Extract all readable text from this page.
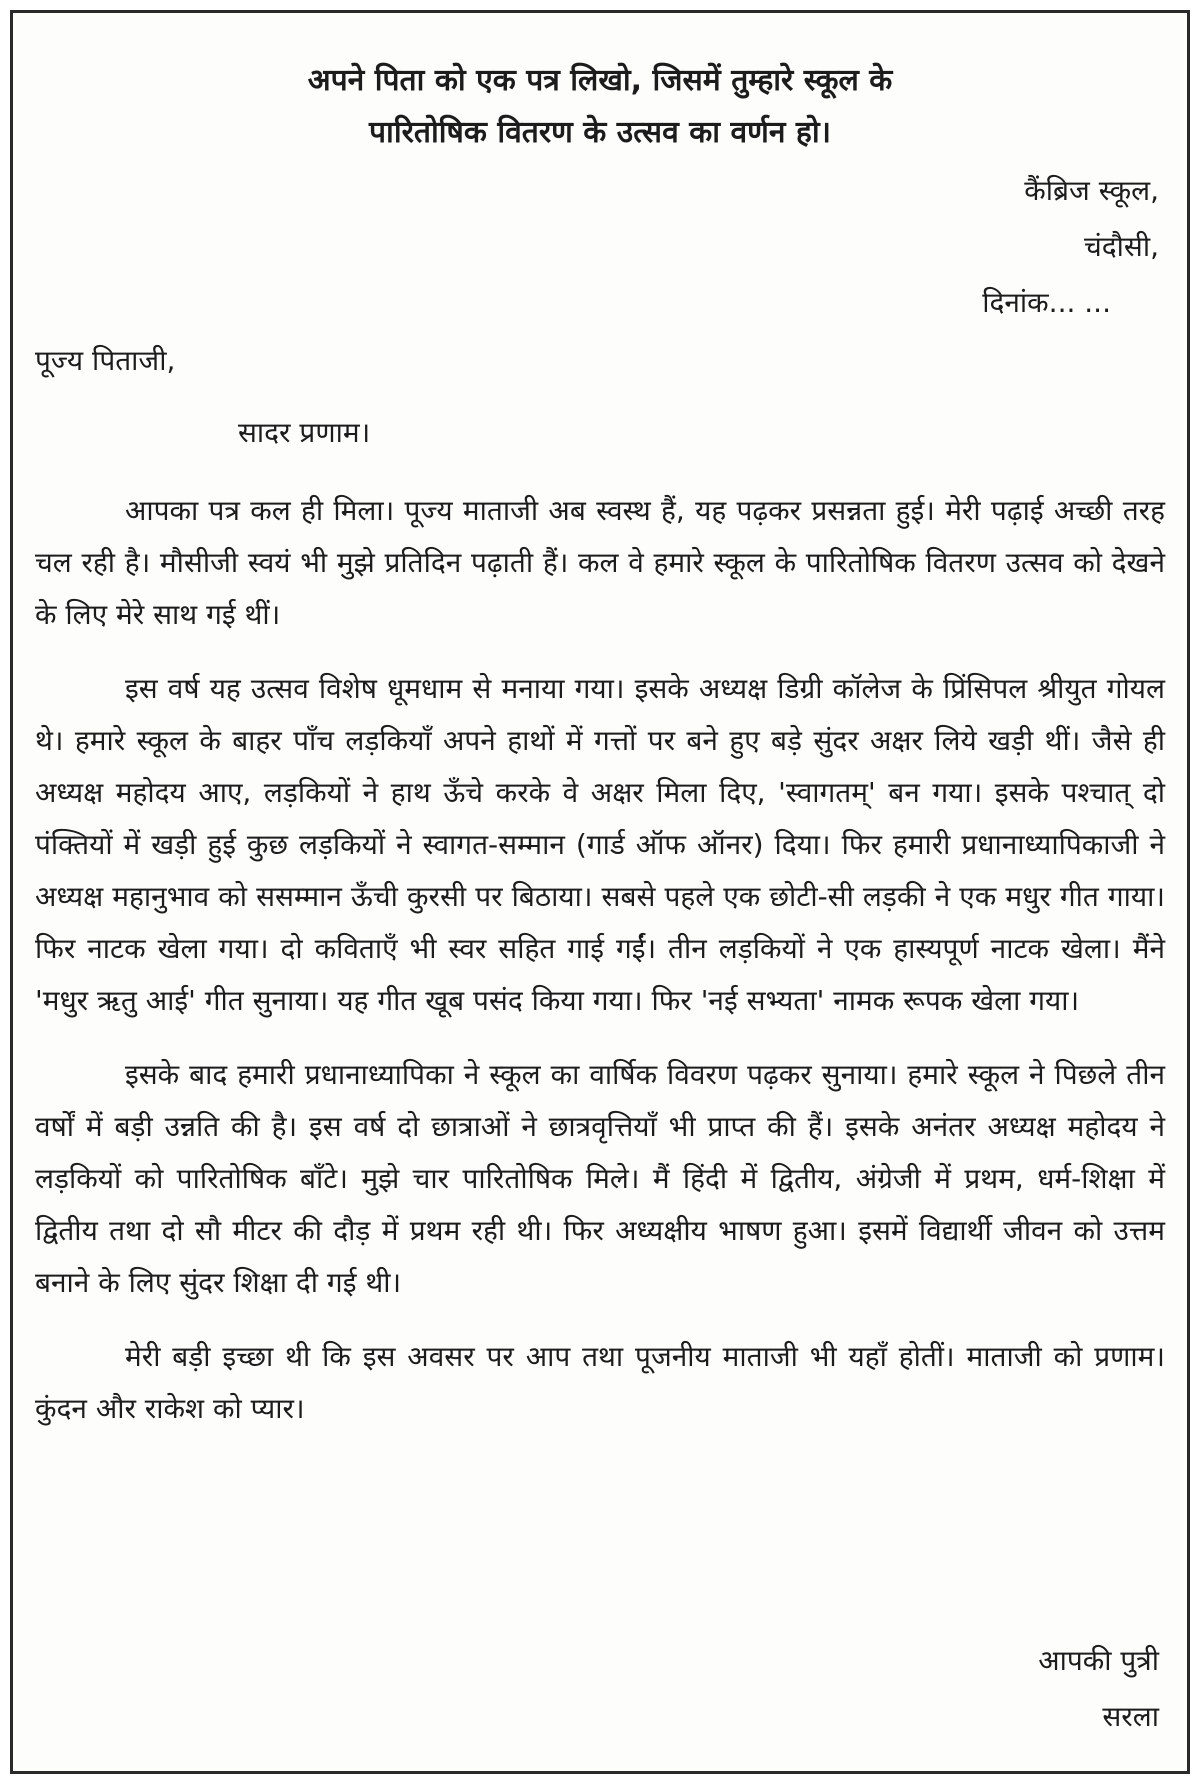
अपने पिता को एक पत्र लिखो, जिसमें तुम्हारे स्कूल के
पारितोषिक वितरण के उत्सव का वर्णन हो।
कैंब्रिज स्कूल,
चंदौसी,
दिनांक... ...
पूज्य पिताजी,
सादर प्रणाम।

आपका पत्र कल ही मिला। पूज्य माताजी अब स्वस्थ हैं, यह पढ़कर प्रसन्नता हुई। मेरी पढ़ाई अच्छी तरह चल रही है। मौसीजी स्वयं भी मुझे प्रतिदिन पढ़ाती हैं। कल वे हमारे स्कूल के पारितोषिक वितरण उत्सव को देखने के लिए मेरे साथ गई थीं।

इस वर्ष यह उत्सव विशेष धूमधाम से मनाया गया। इसके अध्यक्ष डिग्री कॉलेज के प्रिंसिपल श्रीयुत गोयल थे। हमारे स्कूल के बाहर पाँच लड़कियाँ अपने हाथों में गत्तों पर बने हुए बड़े सुंदर अक्षर लिये खड़ी थीं। जैसे ही अध्यक्ष महोदय आए, लड़कियों ने हाथ ऊँचे करके वे अक्षर मिला दिए, 'स्वागतम्' बन गया। इसके पश्चात् दो पंक्तियों में खड़ी हुई कुछ लड़कियों ने स्वागत-सम्मान (गार्ड ऑफ ऑनर) दिया। फिर हमारी प्रधानाध्यापिकाजी ने अध्यक्ष महानुभाव को ससम्मान ऊँची कुरसी पर बिठाया। सबसे पहले एक छोटी-सी लड़की ने एक मधुर गीत गाया। फिर नाटक खेला गया। दो कविताएँ भी स्वर सहित गाई गईं। तीन लड़कियों ने एक हास्यपूर्ण नाटक खेला। मैंने 'मधुर ऋतु आई' गीत सुनाया। यह गीत खूब पसंद किया गया। फिर 'नई सभ्यता' नामक रूपक खेला गया।

इसके बाद हमारी प्रधानाध्यापिका ने स्कूल का वार्षिक विवरण पढ़कर सुनाया। हमारे स्कूल ने पिछले तीन वर्षों में बड़ी उन्नति की है। इस वर्ष दो छात्राओं ने छात्रवृत्तियाँ भी प्राप्त की हैं। इसके अनंतर अध्यक्ष महोदय ने लड़कियों को पारितोषिक बाँटे। मुझे चार पारितोषिक मिले। मैं हिंदी में द्वितीय, अंग्रेजी में प्रथम, धर्म-शिक्षा में द्वितीय तथा दो सौ मीटर की दौड़ में प्रथम रही थी। फिर अध्यक्षीय भाषण हुआ। इसमें विद्यार्थी जीवन को उत्तम बनाने के लिए सुंदर शिक्षा दी गई थी।

मेरी बड़ी इच्छा थी कि इस अवसर पर आप तथा पूजनीय माताजी भी यहाँ होतीं। माताजी को प्रणाम। कुंदन और राकेश को प्यार।

आपकी पुत्री
सरला
